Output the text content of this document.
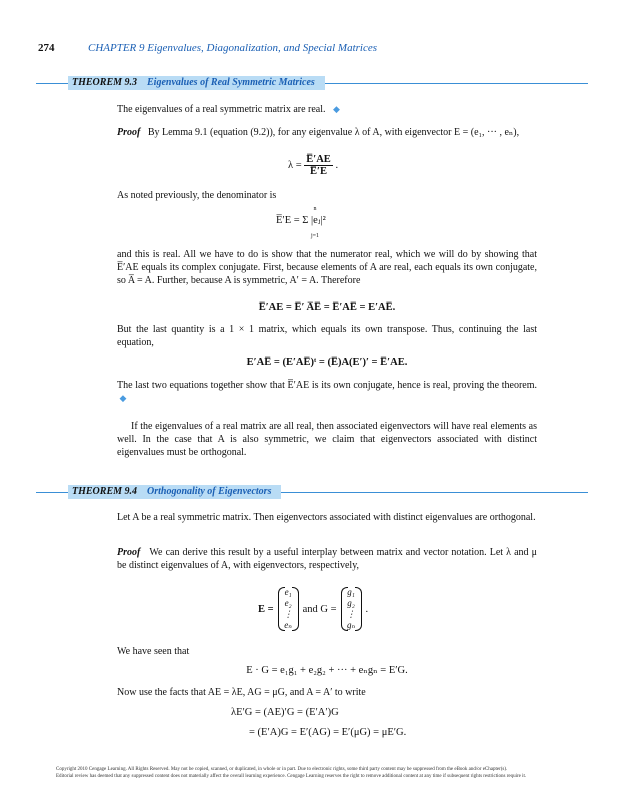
274	CHAPTER 9 Eigenvalues, Diagonalization, and Special Matrices
THEOREM 9.3 Eigenvalues of Real Symmetric Matrices

The eigenvalues of a real symmetric matrix are real. ◆

Proof By Lemma 9.1 (equation (9.2)), for any eigenvalue λ of A, with eigenvector E = (e₁, ··· , eₙ),

$\lambda = \frac{E̅'AE}{E̅'E}$ .

As noted previously, the denominator is

n
E̅′E = Σ |eⱼ|²
j=1

and this is real. All we have to do is show that the numerator real, which we will do by showing that E̅′AE equals its complex conjugate. First, because elements of A are real, each equals its own conjugate, so A̅ = A. Further, because A is symmetric, A′ = A. Therefore

E̅′AE = E̅′ A̅E̅ = E̅′AE̅ = E′AE̅.

But the last quantity is a 1 × 1 matrix, which equals its own transpose. Thus, continuing the last equation,

E′AE̅ = (E′AE̅)ᵗ = (E̅)A(E′)′ = E̅′AE.

The last two equations together show that E̅′AE is its own conjugate, hence is real, proving the theorem.  ◆

If the eigenvalues of a real matrix are all real, then associated eigenvectors will have real elements as well. In the case that A is also symmetric, we claim that eigenvectors associated with distinct eigenvalues must be orthogonal.

THEOREM 9.4 Orthogonality of Eigenvectors

Let A be a real symmetric matrix. Then eigenvectors associated with distinct eigenvalues are orthogonal.

Proof We can derive this result by a useful interplay between matrix and vector notation. Let λ and μ be distinct eigenvalues of A, with eigenvectors, respectively,

E =
e₁
e₂
⋮
eₙ
and G =
g₁
g₂
⋮
gₙ
.

We have seen that

E · G = e₁g₁ + e₂g₂ + ··· + eₙgₙ = E′G.

Now use the facts that AE = λE, AG = μG, and A = A′ to write

λE′G = (AE)′G = (E′A′)G
= (E′A)G = E′(AG) = E′(μG) = μE′G.
Copyright 2010 Cengage Learning. All Rights Reserved. May not be copied, scanned, or duplicated, in whole or in part. Due to electronic rights, some third party content may be suppressed from the eBook and/or eChapter(s).
Editorial review has deemed that any suppressed content does not materially affect the overall learning experience. Cengage Learning reserves the right to remove additional content at any time if subsequent rights restrictions require it.
